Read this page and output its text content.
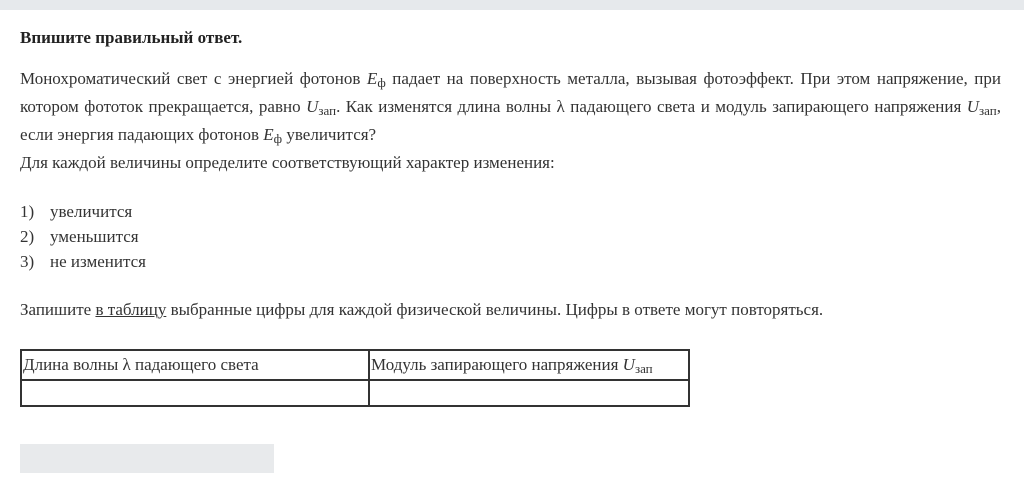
Впишите правильный ответ.

Монохроматический свет с энергией фотонов $E_ф$ падает на поверхность металла, вызывая фотоэффект. При этом напряжение, при котором фототок прекращается, равно $U_{зап}$. Как изменятся длина волны λ падающего света и модуль запирающего напряжения $U_{зап}$, если энергия падающих фотонов $E_ф$ увеличится?

Для каждой величины определите соответствующий характер изменения:

1) увеличится
2) уменьшится
3) не изменится
Запишите в таблицу выбранные цифры для каждой физической величины. Цифры в ответе могут повторяться.
Длина волны λ падающего света	Модуль запирающего напряжения $U_{зап}$
